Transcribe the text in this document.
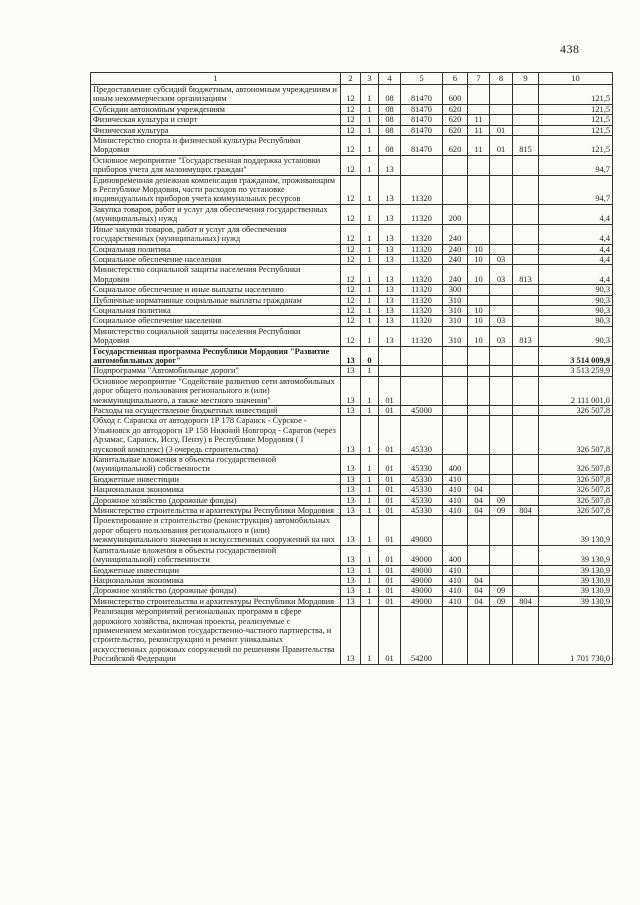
438
1	2	3	4	5	6	7	8	9	10
Предоставление субсидий бюджетным, автономным учреждениям и иным некоммерческим организациям	12	1	08	81470	600				121,5
Субсидии автономным учреждениям	12	1	08	81470	620				121,5
Физическая культура и спорт	12	1	08	81470	620	11			121,5
Физическая культура	12	1	08	81470	620	11	01		121,5
Министерство спорта и физической культуры Республики Мордовия	12	1	08	81470	620	11	01	815	121,5
Основное мероприятие "Государственная поддержка установки приборов учета для малоимущих граждан"	12	1	13						94,7
Единовременная денежная компенсация гражданам, проживающим в Республике Мордовия, части расходов по установке индивидуальных приборов учета коммунальных ресурсов	12	1	13	11320					94,7
Закупка товаров, работ и услуг для обеспечения государственных (муниципальных) нужд	12	1	13	11320	200				4,4
Иные закупки товаров, работ и услуг для обеспечения государственных (муниципальных) нужд	12	1	13	11320	240				4,4
Социальная политика	12	1	13	11320	240	10			4,4
Социальное обеспечение населения	12	1	13	11320	240	10	03		4,4
Министерство социальной защиты населения Республики Мордовия	12	1	13	11320	240	10	03	813	4,4
Социальное обеспечение и иные выплаты населению	12	1	13	11320	300				90,3
Публичные нормативные социальные выплаты гражданам	12	1	13	11320	310				90,3
Социальная политика	12	1	13	11320	310	10			90,3
Социальное обеспечение населения	12	1	13	11320	310	10	03		90,3
Министерство социальной защиты населения Республики Мордовия	12	1	13	11320	310	10	03	813	90,3
Государственная программа Республики Мордовия "Развитие автомобильных дорог"	13	0							3 514 009,9
Подпрограмма "Автомобильные дороги"	13	1							3 513 259,9
Основное мероприятие "Содействие развитию сети автомобильных дорог общего пользования регионального и (или) межмуниципального, а также местного значения"	13	1	01						2 111 001,0
Расходы на осуществление бюджетных инвестиций	13	1	01	45000					326 507,8
Обход г. Саранска от автодороги 1Р 178 Саранск - Сурское - Ульяновск до автодороги 1Р 158 Нижний Новгород - Саратов (через Арзамас, Саранск, Иссу, Пензу) в Республике Мордовия ( I пусковой комплекс) (3 очередь строительства)	13	1	01	45330					326 507,8
Капитальные вложения в объекты государственной (муниципальной) собственности	13	1	01	45330	400				326 507,8
Бюджетные инвестиции	13	1	01	45330	410				326 507,8
Национальная экономика	13	1	01	45330	410	04			326 507,8
Дорожное хозяйство (дорожные фонды)	13	1	01	45330	410	04	09		326 507,8
Министерство строительства и архитектуры Республики Мордовия	13	1	01	45330	410	04	09	804	326 507,8
Проектирование и строительство (реконструкция) автомобильных дорог общего пользования регионального и (или) межмуниципального значения и искусственных сооружений на них	13	1	01	49000					39 130,9
Капитальные вложения в объекты государственной (муниципальной) собственности	13	1	01	49000	400				39 130,9
Бюджетные инвестиции	13	1	01	49000	410				39 130,9
Национальная экономика	13	1	01	49000	410	04			39 130,9
Дорожное хозяйство (дорожные фонды)	13	1	01	49000	410	04	09		39 130,9
Министерство строительства и архитектуры Республики Мордовия	13	1	01	49000	410	04	09	804	39 130,9
Реализация мероприятий региональных программ в сфере дорожного хозяйства, включая проекты, реализуемые с применением механизмов государственно-частного партнерства, и строительство, реконструкцию и ремонт уникальных искусственных дорожных сооружений по решениям Правительства Российской Федерации	13	1	01	54200					1 701 730,0
